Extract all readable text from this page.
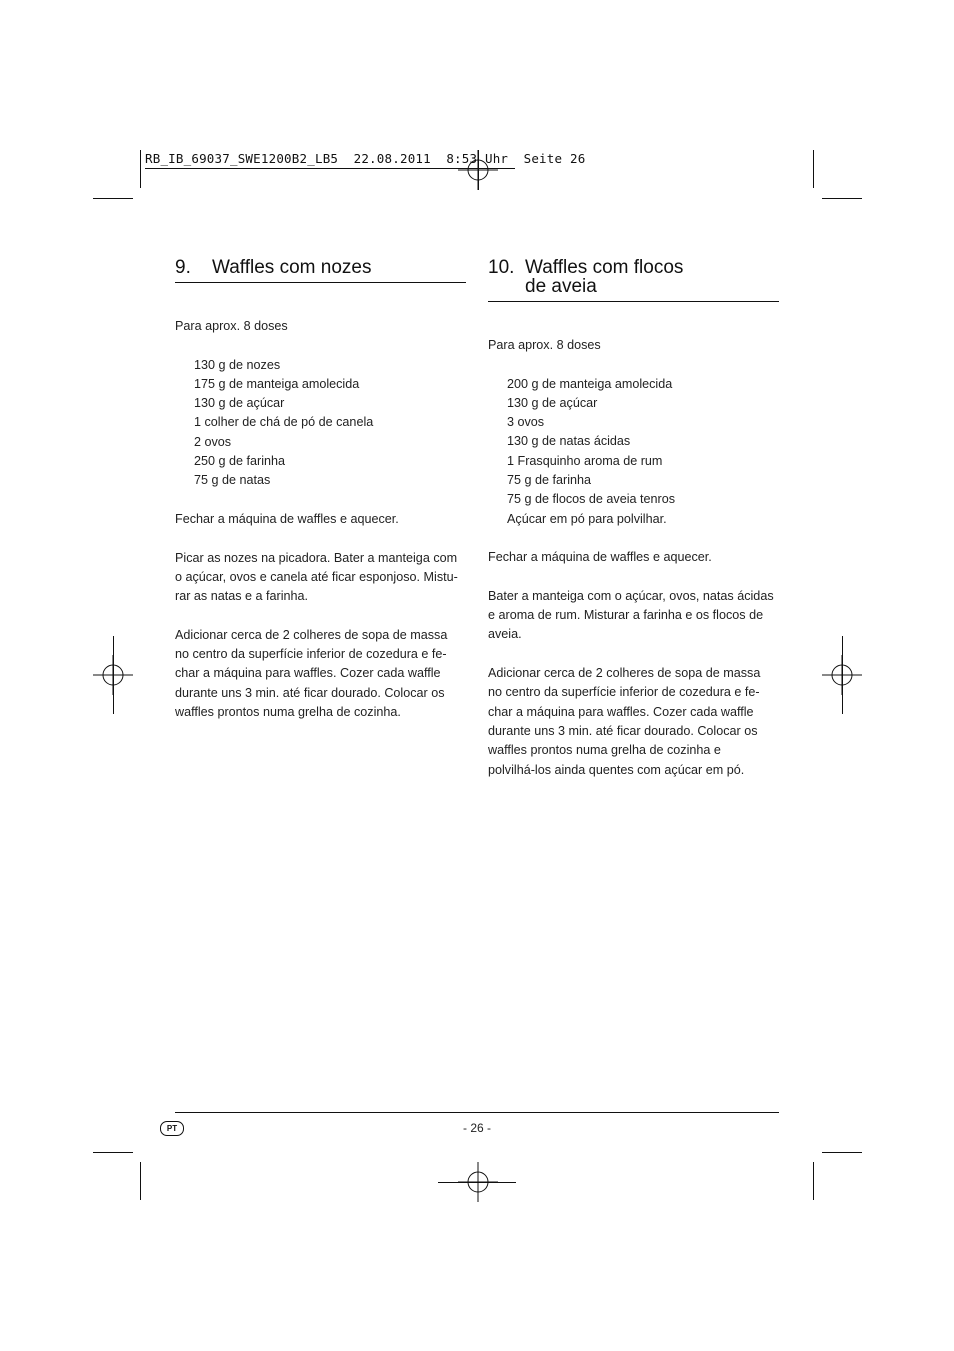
RB_IB_69037_SWE1200B2_LB5 22.08.2011 8:53 Uhr Seite 26
9. Waffles com nozes	10. Waffles com flocos
de aveia

Para aprox. 8 doses

130 g de nozes

175 g de manteiga amolecida

130 g de açúcar

1 colher de chá de pó de canela

2 ovos

250 g de farinha

75 g de natas

Fechar a máquina de waffles e aquecer.

Picar as nozes na picadora. Bater a manteiga com

o açúcar, ovos e canela até ficar esponjoso. Mistu-

rar as natas e a farinha.

Adicionar cerca de 2 colheres de sopa de massa

no centro da superfície inferior de cozedura e fe-

char a máquina para waffles. Cozer cada waffle

durante uns 3 min. até ficar dourado. Colocar os

waffles prontos numa grelha de cozinha.

Para aprox. 8 doses

200 g de manteiga amolecida

130 g de açúcar

3 ovos

130 g de natas ácidas

1 Frasquinho aroma de rum

75 g de farinha

75 g de flocos de aveia tenros

Açúcar em pó para polvilhar.

Fechar a máquina de waffles e aquecer.

Bater a manteiga com o açúcar, ovos, natas ácidas

e aroma de rum. Misturar a farinha e os flocos de

aveia.

Adicionar cerca de 2 colheres de sopa de massa

no centro da superfície inferior de cozedura e fe-

char a máquina para waffles. Cozer cada waffle

durante uns 3 min. até ficar dourado. Colocar os

waffles prontos numa grelha de cozinha e

polvilhá-los ainda quentes com açúcar em pó.

PT	- 26 -
